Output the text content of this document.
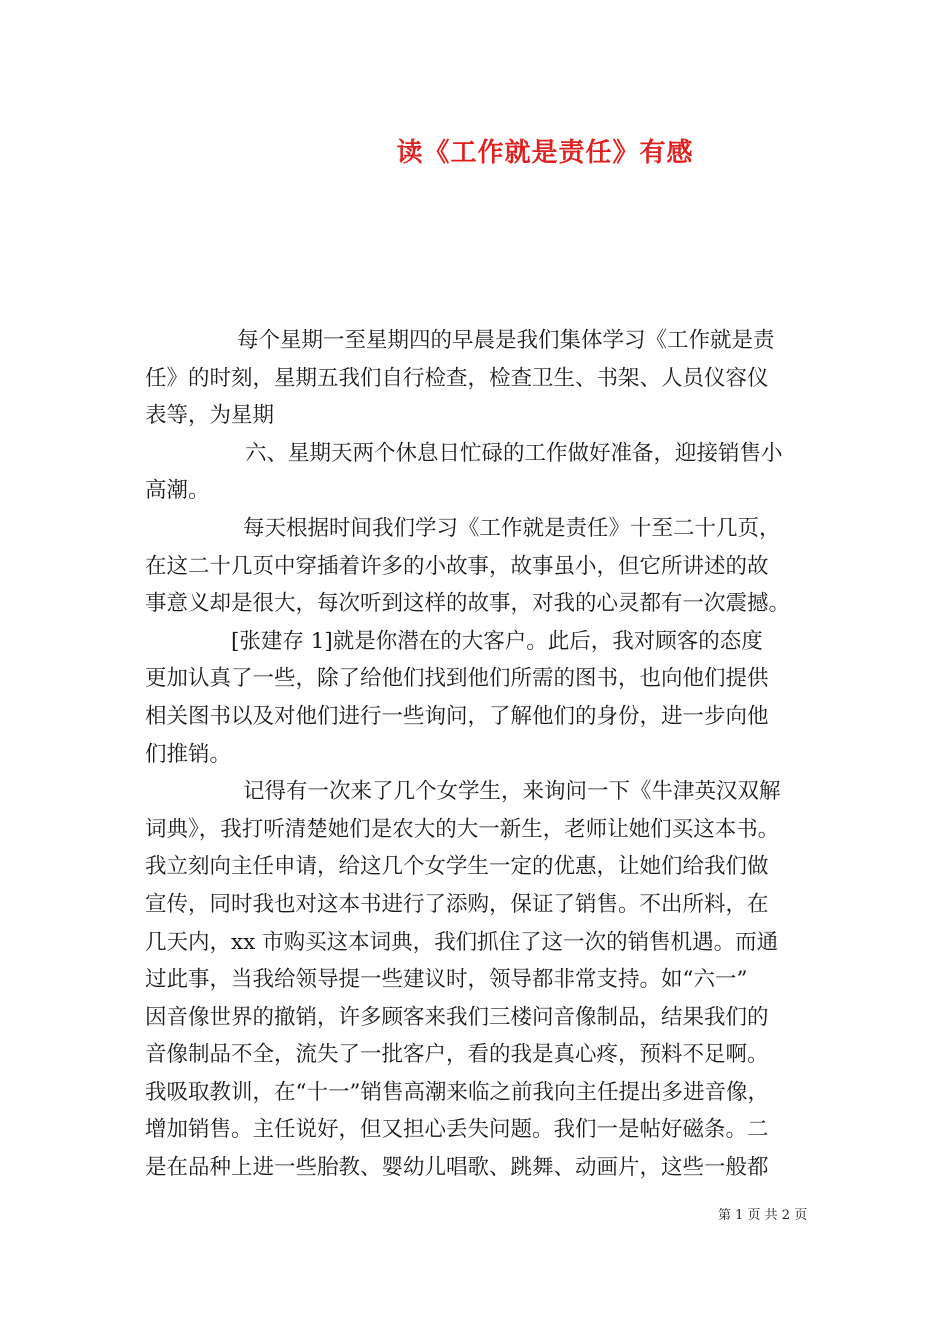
读《工作就是责任》有感
每个星期一至星期四的早晨是我们集体学习《工作就是责
任》的时刻，星期五我们自行检查，检查卫生、书架、人员仪容仪
表等，为星期
六、星期天两个休息日忙碌的工作做好准备，迎接销售小
高潮。
每天根据时间我们学习《工作就是责任》十至二十几页，
在这二十几页中穿插着许多的小故事，故事虽小，但它所讲述的故
事意义却是很大，每次听到这样的故事，对我的心灵都有一次震撼。
[张建存 1]就是你潜在的大客户。此后，我对顾客的态度
更加认真了一些，除了给他们找到他们所需的图书，也向他们提供
相关图书以及对他们进行一些询问，了解他们的身份，进一步向他
们推销。
记得有一次来了几个女学生，来询问一下《牛津英汉双解
词典》，我打听清楚她们是农大的大一新生，老师让她们买这本书。
我立刻向主任申请，给这几个女学生一定的优惠，让她们给我们做
宣传，同时我也对这本书进行了添购，保证了销售。不出所料，在
几天内，xx 市购买这本词典，我们抓住了这一次的销售机遇。而通
过此事，当我给领导提一些建议时，领导都非常支持。如“六一”
因音像世界的撤销，许多顾客来我们三楼问音像制品，结果我们的
音像制品不全，流失了一批客户，看的我是真心疼，预料不足啊。
我吸取教训，在“十一”销售高潮来临之前我向主任提出多进音像，
增加销售。主任说好，但又担心丢失问题。我们一是帖好磁条。二
是在品种上进一些胎教、婴幼儿唱歌、跳舞、动画片，这些一般都
第 1 页 共 2 页
